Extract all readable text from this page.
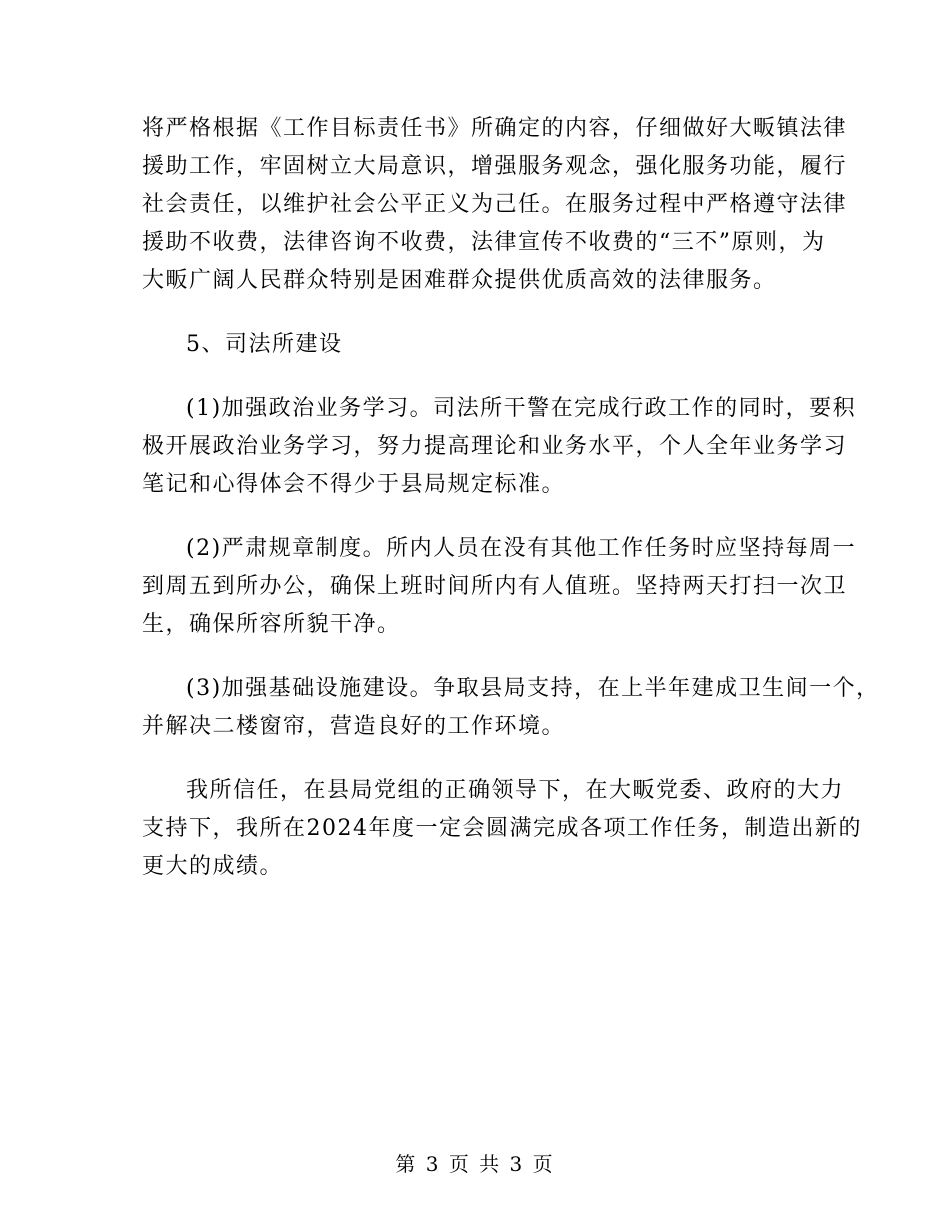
将严格根据《工作目标责任书》所确定的内容，仔细做好大畈镇法律
援助工作，牢固树立大局意识，增强服务观念，强化服务功能，履行
社会责任，以维护社会公平正义为己任。在服务过程中严格遵守法律
援助不收费，法律咨询不收费，法律宣传不收费的“三不”原则，为
大畈广阔人民群众特别是困难群众提供优质高效的法律服务。

5、司法所建设

(1)加强政治业务学习。司法所干警在完成行政工作的同时，要积
极开展政治业务学习，努力提高理论和业务水平，个人全年业务学习
笔记和心得体会不得少于县局规定标准。

(2)严肃规章制度。所内人员在没有其他工作任务时应坚持每周一
到周五到所办公，确保上班时间所内有人值班。坚持两天打扫一次卫
生，确保所容所貌干净。

(3)加强基础设施建设。争取县局支持，在上半年建成卫生间一个，
并解决二楼窗帘，营造良好的工作环境。

我所信任，在县局党组的正确领导下，在大畈党委、政府的大力
支持下，我所在2024年度一定会圆满完成各项工作任务，制造出新的
更大的成绩。

第 3 页 共 3 页
